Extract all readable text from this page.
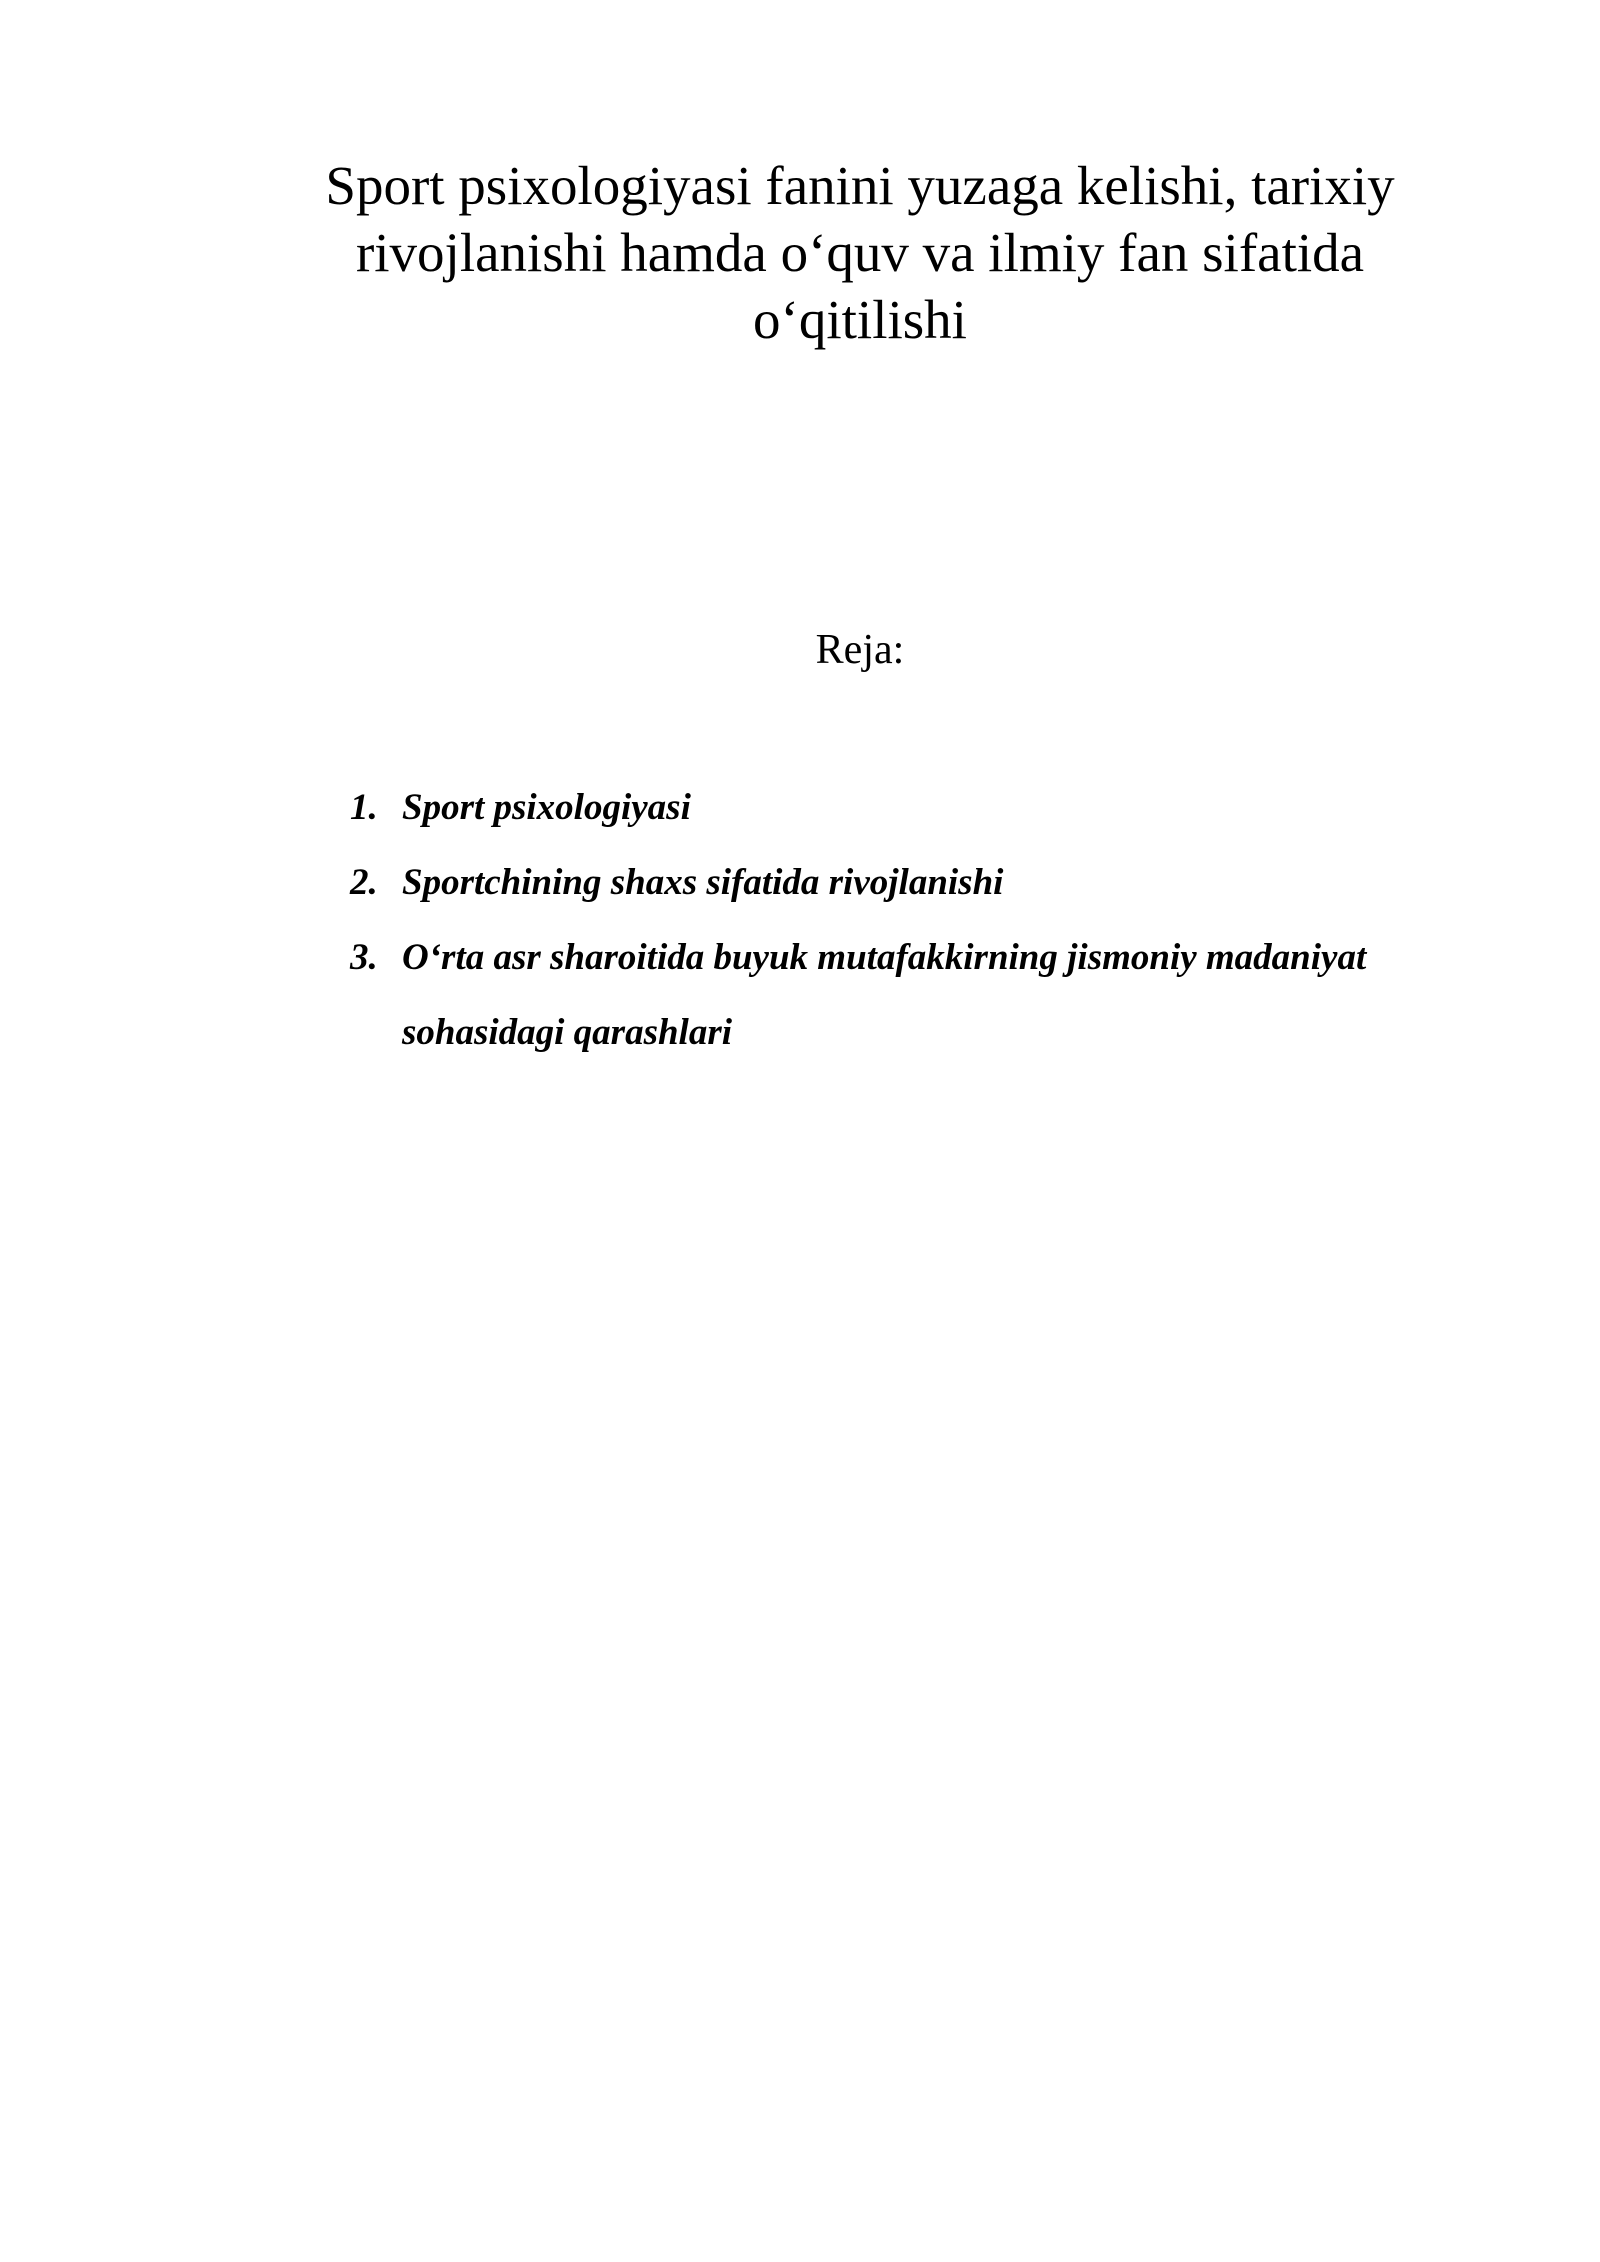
Sport psixologiyasi fanini yuzaga kelishi, tarixiy
rivojlanishi hamda o‘quv va ilmiy fan sifatida
o‘qitilishi
Reja:
1. Sport psixologiyasi
2. Sportchining shaxs sifatida rivojlanishi
3. O‘rta asr sharoitida buyuk mutafakkirning jismoniy madaniyat sohasidagi qarashlari
